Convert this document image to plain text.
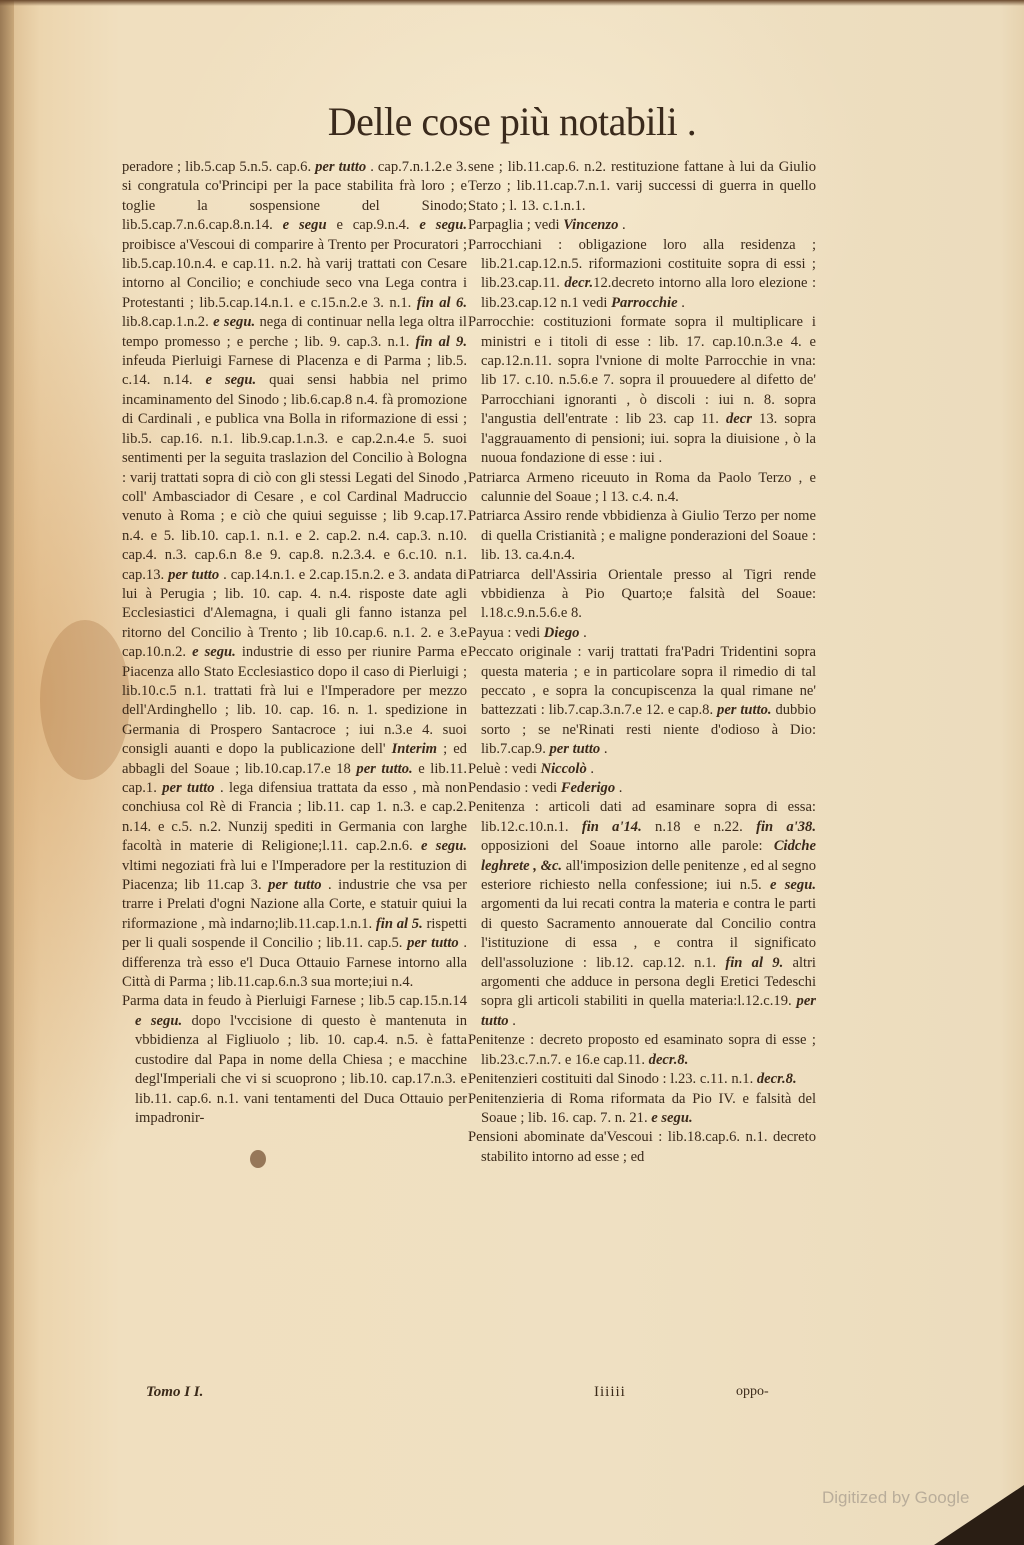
Delle cose più notabili .

peradore ; lib.5.cap 5.n.5. cap.6. per tutto . cap.7.n.1.2.e 3. si congratula co'Principi per la pace stabilita frà loro ; e toglie la sospensione del Sinodo; lib.5.cap.7.n.6.cap.8.n.14. e segu e cap.9.n.4. e segu. proibisce a'Vescoui di comparire à Trento per Procuratori ; lib.5.cap.10.n.4. e cap.11. n.2. hà varij trattati con Cesare intorno al Concilio; e conchiude seco vna Lega contra i Protestanti ; lib.5.cap.14.n.1. e c.15.n.2.e 3. n.1. fin al 6. lib.8.cap.1.n.2. e segu. nega di continuar nella lega oltra il tempo promesso ; e perche ; lib. 9. cap.3. n.1. fin al 9. infeuda Pierluigi Farnese di Placenza e di Parma ; lib.5. c.14. n.14. e segu. quai sensi habbia nel primo incaminamento del Sinodo ; lib.6.cap.8 n.4. fà promozione di Cardinali , e publica vna Bolla in riformazione di essi ; lib.5. cap.16. n.1. lib.9.cap.1.n.3. e cap.2.n.4.e 5. suoi sentimenti per la seguita traslazion del Concilio à Bologna : varij trattati sopra di ciò con gli stessi Legati del Sinodo , coll' Ambasciador di Cesare , e col Cardinal Madruccio venuto à Roma ; e ciò che quiui seguisse ; lib 9.cap.17. n.4. e 5. lib.10. cap.1. n.1. e 2. cap.2. n.4. cap.3. n.10. cap.4. n.3. cap.6.n 8.e 9. cap.8. n.2.3.4. e 6.c.10. n.1. cap.13. per tutto . cap.14.n.1. e 2.cap.15.n.2. e 3. andata di lui à Perugia ; lib. 10. cap. 4. n.4. risposte date agli Ecclesiastici d'Alemagna, i quali gli fanno istanza pel ritorno del Concilio à Trento ; lib 10.cap.6. n.1. 2. e 3.e cap.10.n.2. e segu. industrie di esso per riunire Parma e Piacenza allo Stato Ecclesiastico dopo il caso di Pierluigi ; lib.10.c.5 n.1. trattati frà lui e l'Imperadore per mezzo dell'Ardinghello ; lib. 10. cap. 16. n. 1. spedizione in Germania di Prospero Santacroce ; iui n.3.e 4. suoi consigli auanti e dopo la publicazione dell' Interim ; ed abbagli del Soaue ; lib.10.cap.17.e 18 per tutto. e lib.11. cap.1. per tutto . lega difensiua trattata da esso , mà non conchiusa col Rè di Francia ; lib.11. cap 1. n.3. e cap.2. n.14. e c.5. n.2. Nunzij spediti in Germania con larghe facoltà in materie di Religione;l.11. cap.2.n.6. e segu. vltimi negoziati frà lui e l'Imperadore per la restituzion di Piacenza; lib 11.cap 3. per tutto . industrie che vsa per trarre i Prelati d'ogni Nazione alla Corte, e statuir quiui la riformazione , mà indarno;lib.11.cap.1.n.1. fin al 5. rispetti per li quali sospende il Concilio ; lib.11. cap.5. per tutto . differenza trà esso e'l Duca Ottauio Farnese intorno alla Città di Parma ; lib.11.cap.6.n.3 sua morte;iui n.4.

Parma data in feudo à Pierluigi Farnese ; lib.5 cap.15.n.14 e segu. dopo l'vccisione di questo è mantenuta in vbbidienza al Figliuolo ; lib. 10. cap.4. n.5. è fatta custodire dal Papa in nome della Chiesa ; e macchine degl'Imperiali che vi si scuoprono ; lib.10. cap.17.n.3. e lib.11. cap.6. n.1. vani tentamenti del Duca Ottauio per impadronir-

sene ; lib.11.cap.6. n.2. restituzione fattane à lui da Giulio Terzo ; lib.11.cap.7.n.1. varij successi di guerra in quello Stato ; l. 13. c.1.n.1.

Parpaglia ; vedi Vincenzo .

Parrocchiani : obligazione loro alla residenza ; lib.21.cap.12.n.5. riformazioni costituite sopra di essi ; lib.23.cap.11. decr.12.decreto intorno alla loro elezione : lib.23.cap.12 n.1 vedi Parrocchie .

Parrocchie: costituzioni formate sopra il multiplicare i ministri e i titoli di esse : lib. 17. cap.10.n.3.e 4. e cap.12.n.11. sopra l'vnione di molte Parrocchie in vna: lib 17. c.10. n.5.6.e 7. sopra il prouuedere al difetto de' Parrocchiani ignoranti , ò discoli : iui n. 8. sopra l'angustia dell'entrate : lib 23. cap 11. decr 13. sopra l'aggrauamento di pensioni; iui. sopra la diuisione , ò la nuoua fondazione di esse : iui .

Patriarca Armeno riceuuto in Roma da Paolo Terzo , e calunnie del Soaue ; l 13. c.4. n.4.

Patriarca Assiro rende vbbidienza à Giulio Terzo per nome di quella Cristianità ; e maligne ponderazioni del Soaue : lib. 13. ca.4.n.4.

Patriarca dell'Assiria Orientale presso al Tigri rende vbbidienza à Pio Quarto;e falsità del Soaue: l.18.c.9.n.5.6.e 8.

Payua : vedi Diego .

Peccato originale : varij trattati fra'Padri Tridentini sopra questa materia ; e in particolare sopra il rimedio di tal peccato , e sopra la concupiscenza la qual rimane ne' battezzati : lib.7.cap.3.n.7.e 12. e cap.8. per tutto. dubbio sorto ; se ne'Rinati resti niente d'odioso à Dio: lib.7.cap.9. per tutto .

Peluè : vedi Niccolò .

Pendasio : vedi Federigo .

Penitenza : articoli dati ad esaminare sopra di essa: lib.12.c.10.n.1. fin a'14. n.18 e n.22. fin a'38. opposizioni del Soaue intorno alle parole: Cidche leghrete , &c. all'imposizion delle penitenze , ed al segno esteriore richiesto nella confessione; iui n.5. e segu. argomenti da lui recati contra la materia e contra le parti di questo Sacramento annouerate dal Concilio contra l'istituzione di essa , e contra il significato dell'assoluzione : lib.12. cap.12. n.1. fin al 9. altri argomenti che adduce in persona degli Eretici Tedeschi sopra gli articoli stabiliti in quella materia:l.12.c.19. per tutto .

Penitenze : decreto proposto ed esaminato sopra di esse ; lib.23.c.7.n.7. e 16.e cap.11. decr.8.

Penitenzieri costituiti dal Sinodo : l.23. c.11. n.1. decr.8.

Penitenzieria di Roma riformata da Pio IV. e falsità del Soaue ; lib. 16. cap. 7. n. 21. e segu.

Pensioni abominate da'Vescoui : lib.18.cap.6. n.1. decreto stabilito intorno ad esse ; ed

Tomo I I.	Iiiiii	oppo-
Digitized by Google
